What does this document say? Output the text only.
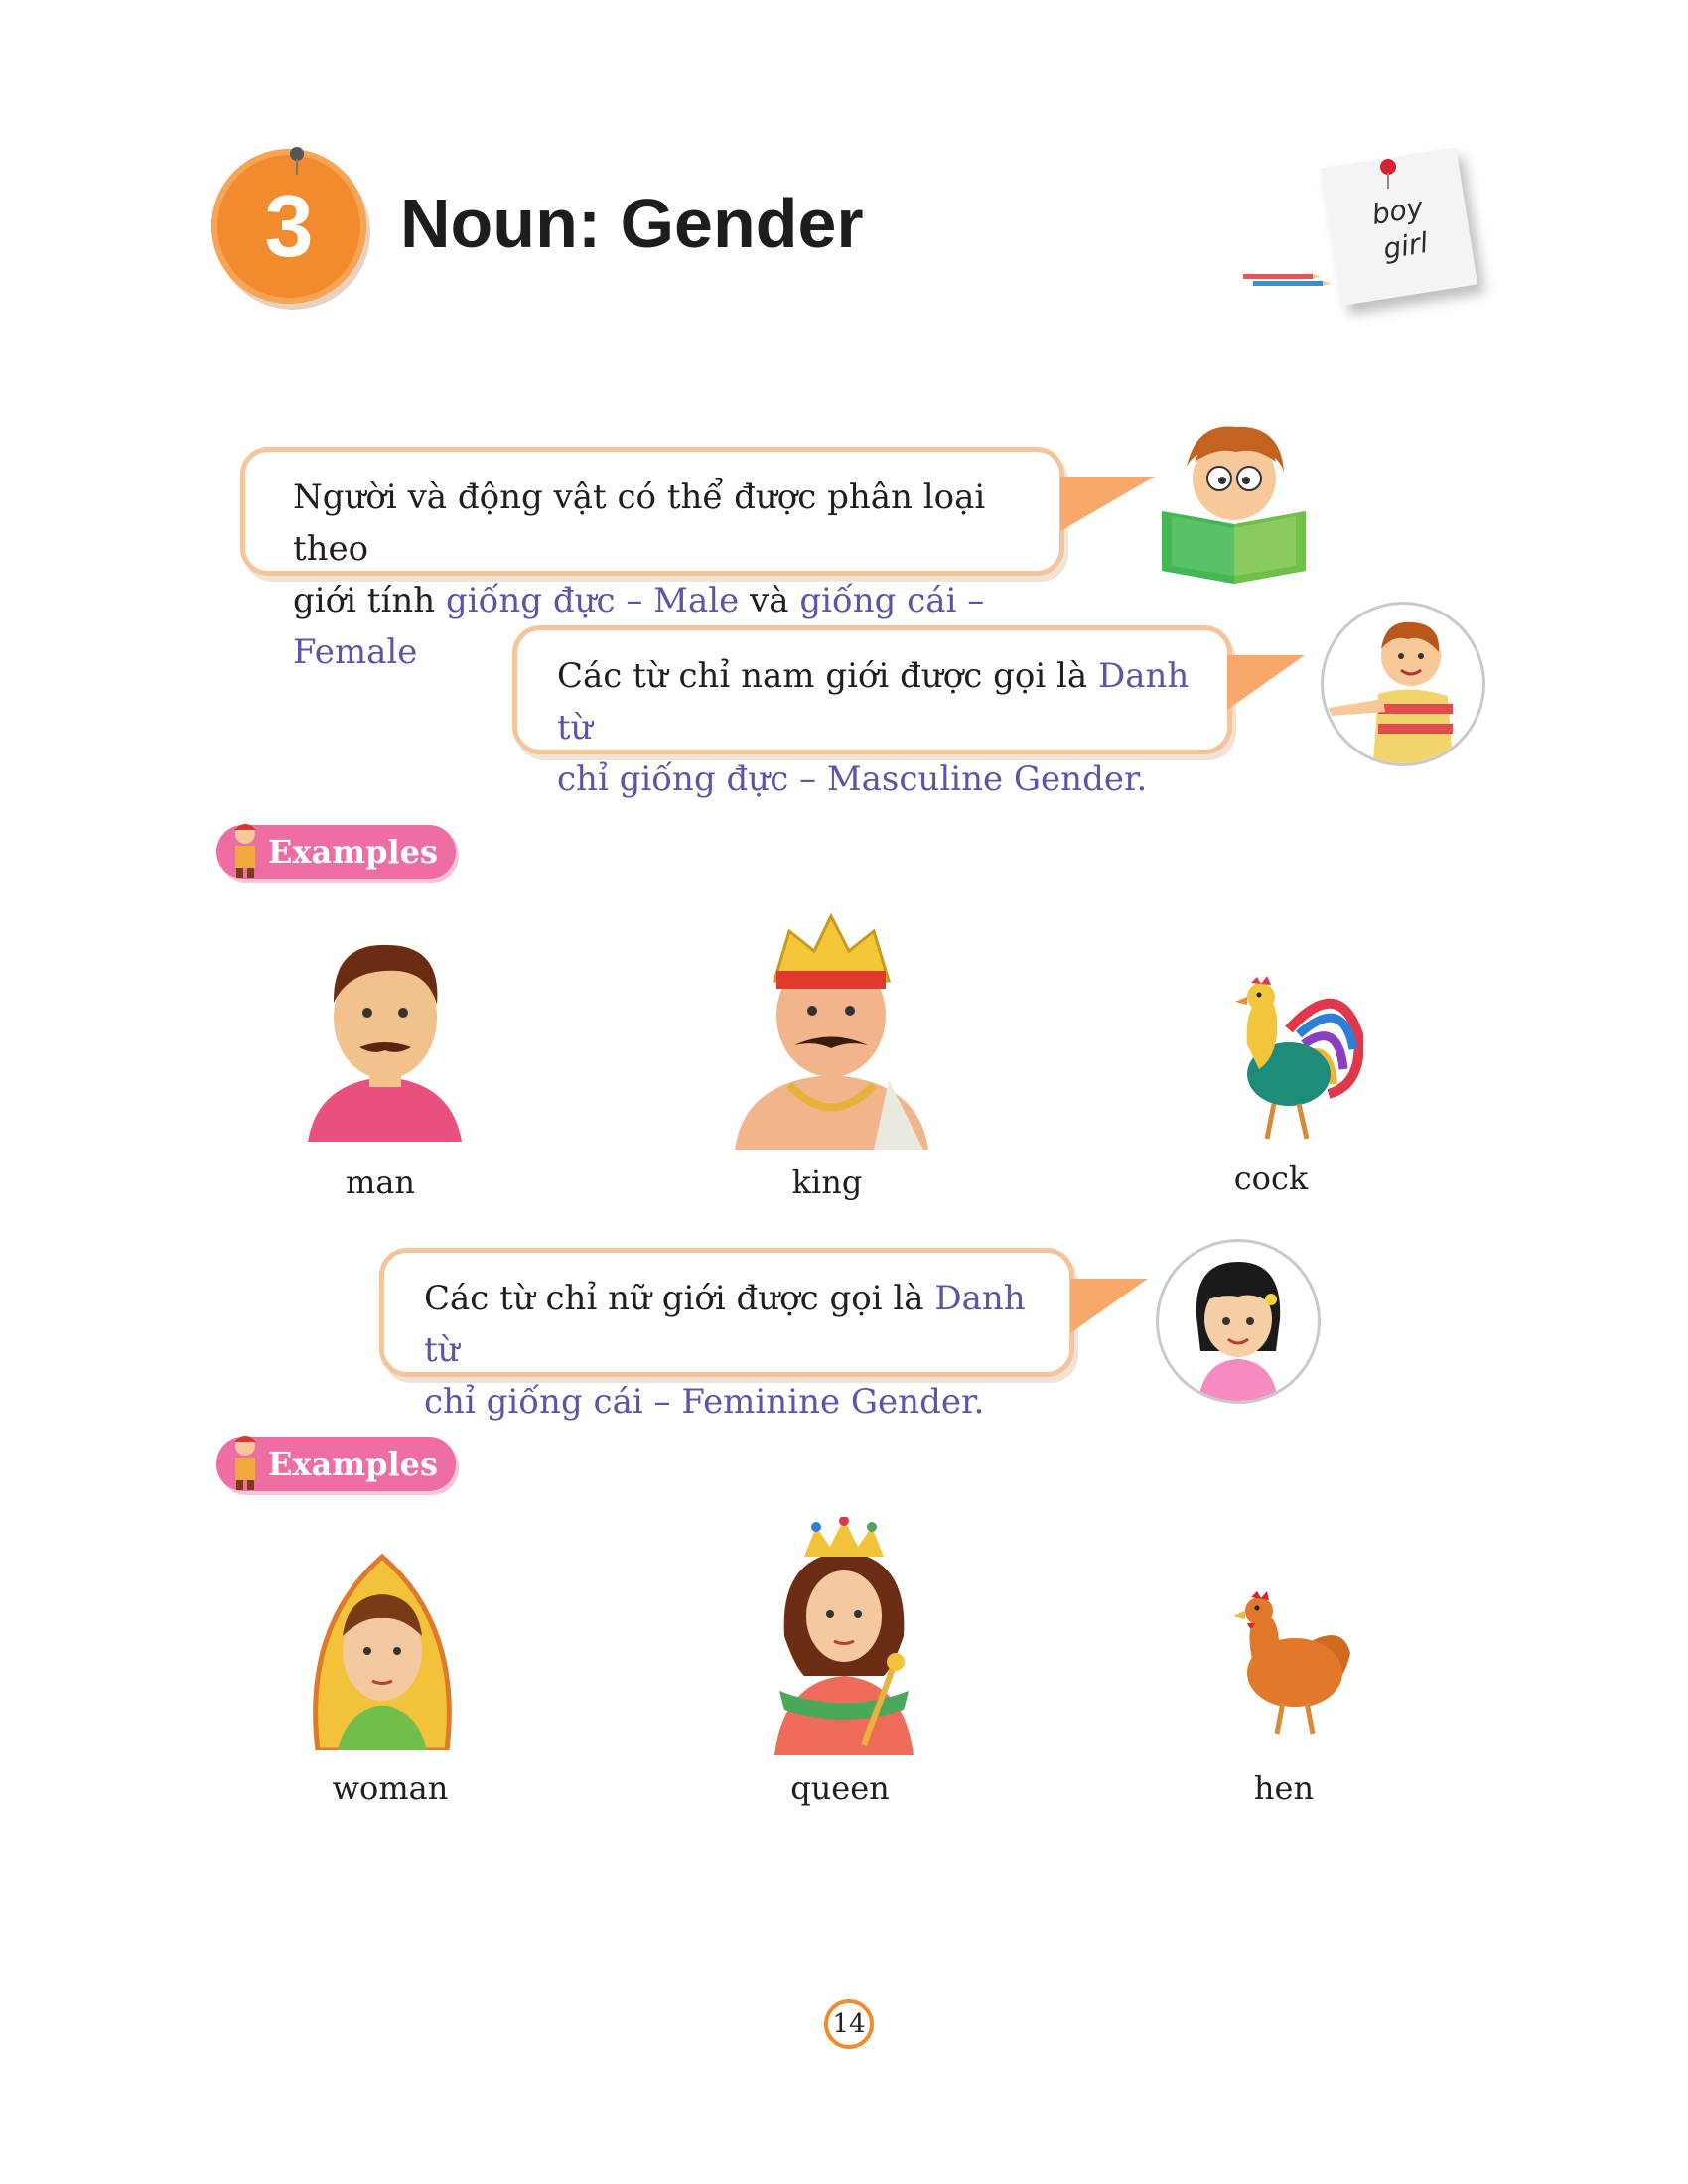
3 Noun: Gender	boy
girl
Người và động vật có thể được phân loại theo
giới tính giống đực – Male và giống cái – Female
Các từ chỉ nam giới được gọi là Danh từ
chỉ giống đực – Masculine Gender.
Examples
man	king	cock
Các từ chỉ nữ giới được gọi là Danh từ
chỉ giống cái – Feminine Gender.
Examples
woman	queen	hen
14
